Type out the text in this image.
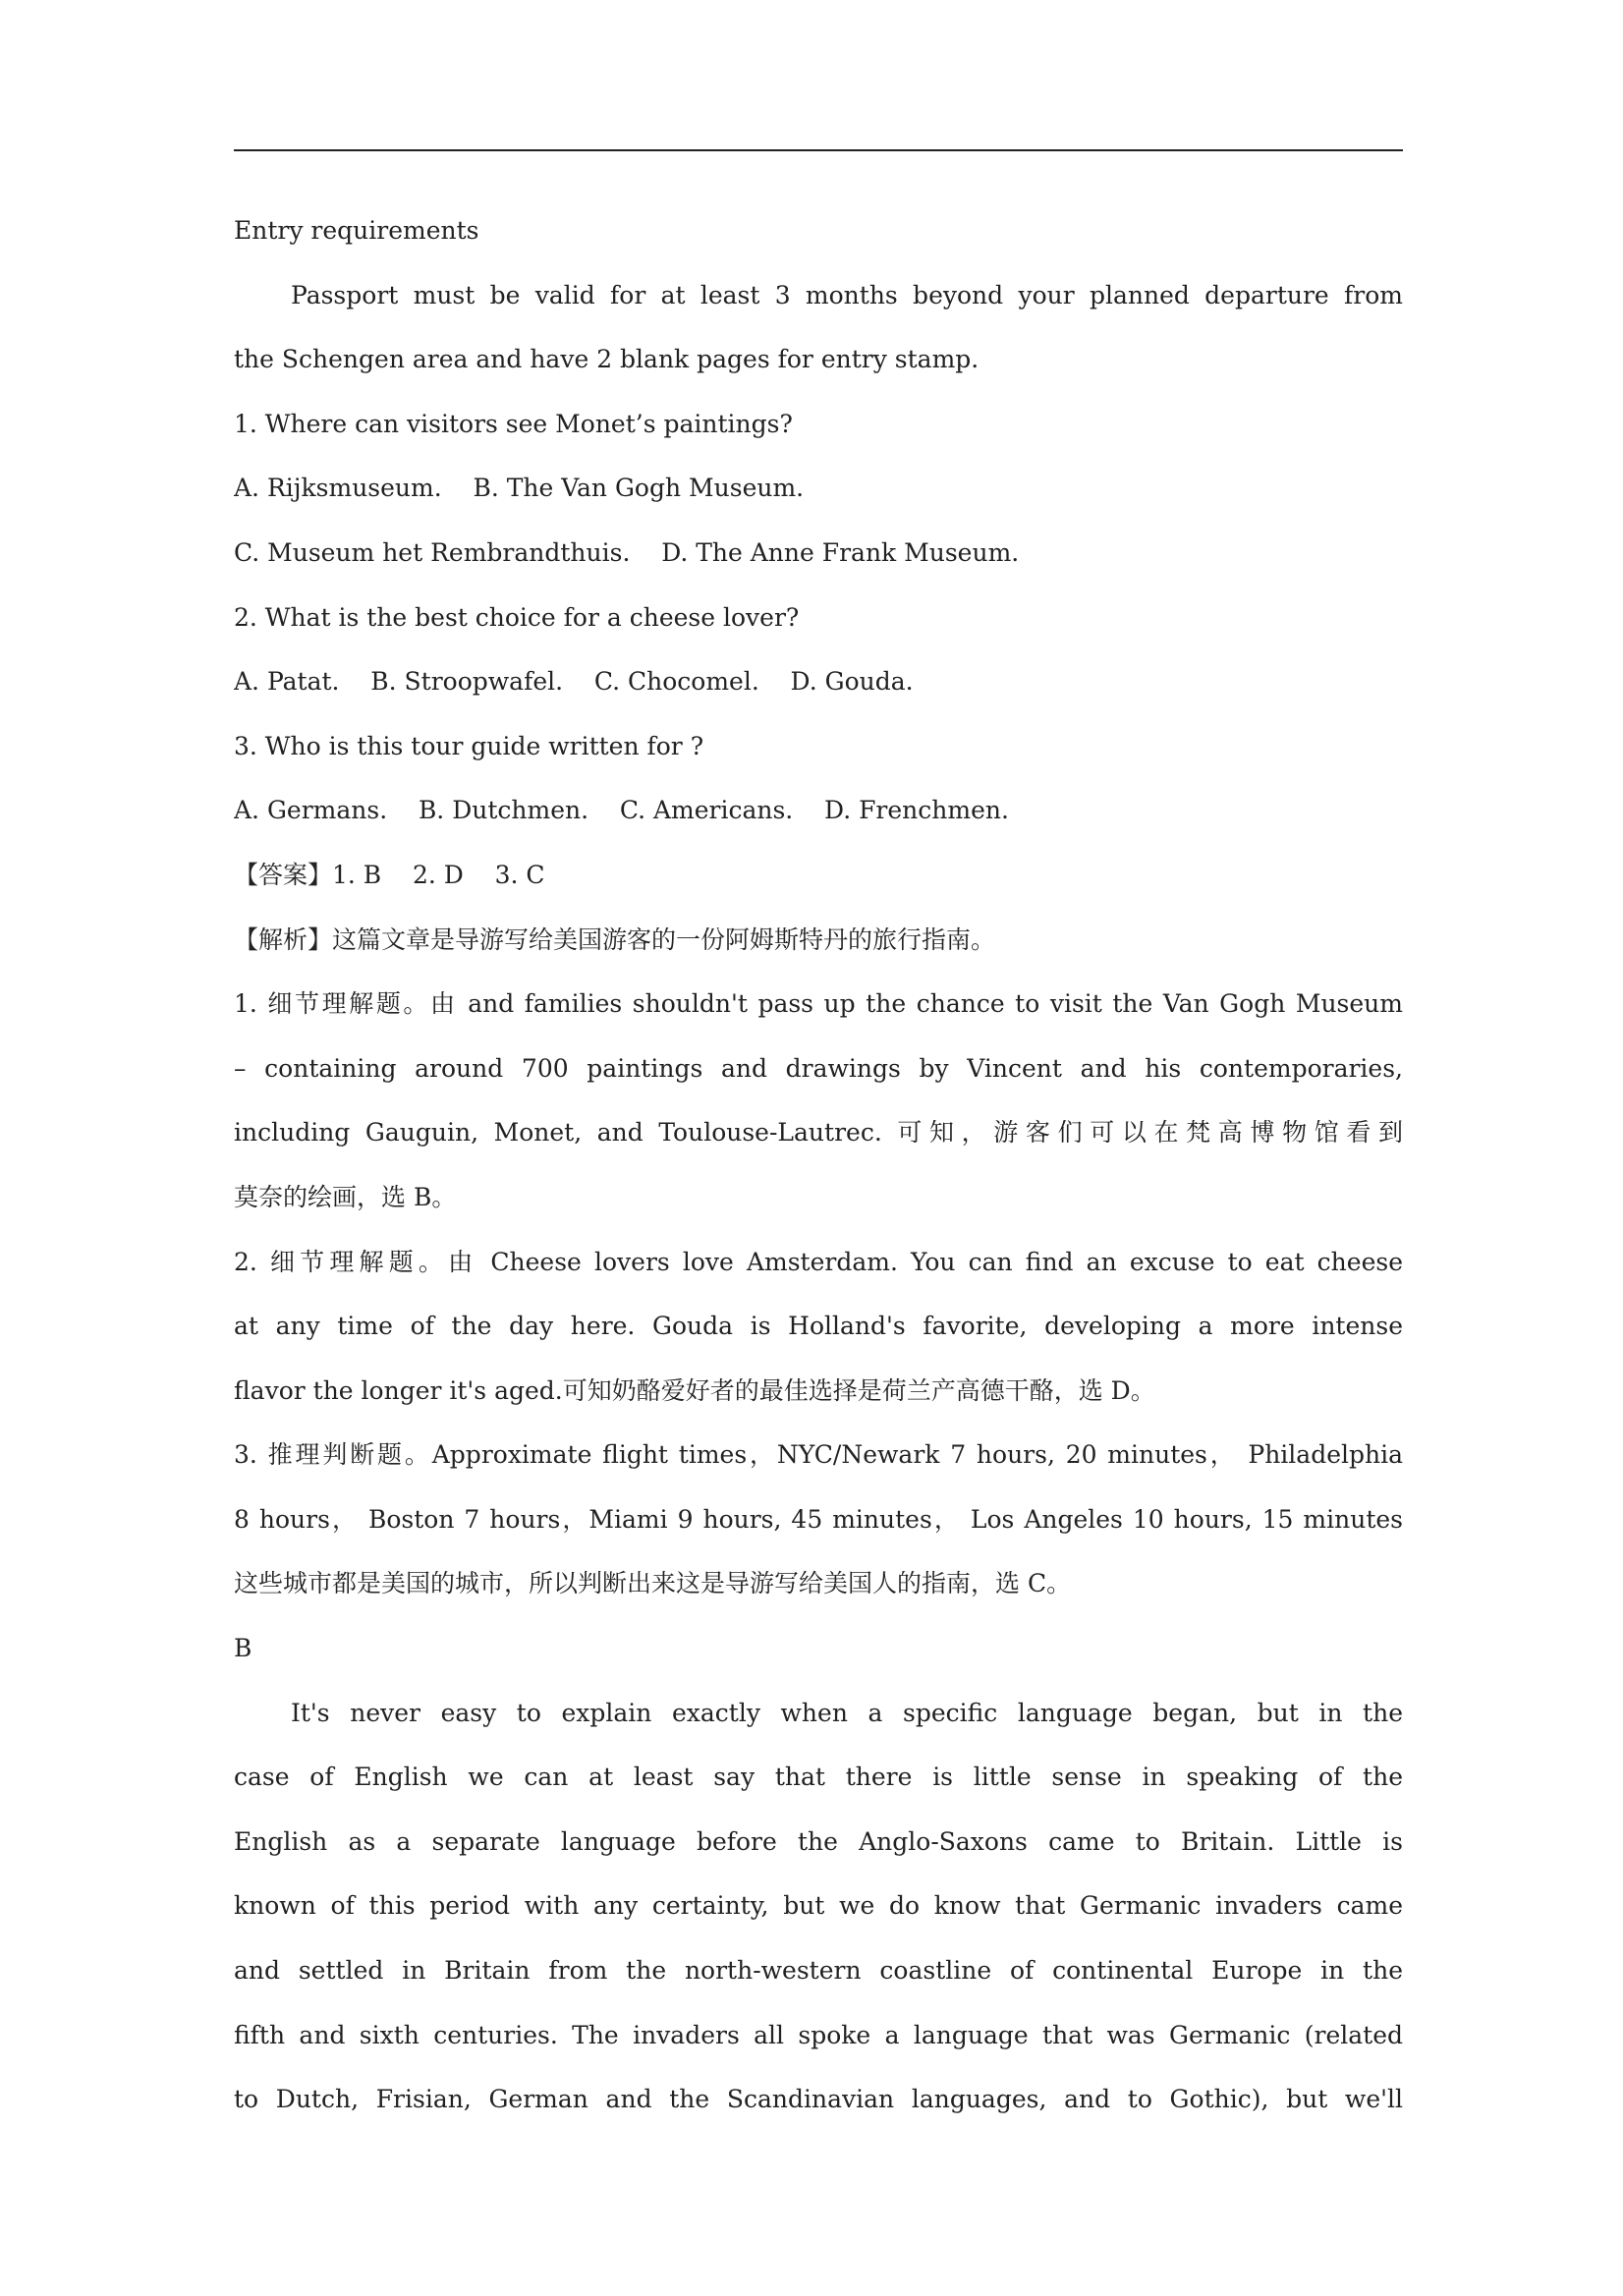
Entry requirements
Passport must be valid for at least 3 months beyond your planned departure from
the Schengen area and have 2 blank pages for entry stamp.
1. Where can visitors see Monet’s paintings?
A. Rijksmuseum.    B. The Van Gogh Museum.
C. Museum het Rembrandthuis.    D. The Anne Frank Museum.
2. What is the best choice for a cheese lover?
A. Patat.    B. Stroopwafel.    C. Chocomel.    D. Gouda.
3. Who is this tour guide written for ?
A. Germans.    B. Dutchmen.    C. Americans.    D. Frenchmen.
【答案】1. B    2. D    3. C
【解析】这篇文章是导游写给美国游客的一份阿姆斯特丹的旅行指南。
1. 细节理解题。由 and families shouldn't pass up the chance to visit the Van Gogh Museum
– containing around 700 paintings and drawings by Vincent and his contemporaries,
including Gauguin, Monet, and Toulouse-Lautrec. 可知，游客们可以在梵高博物馆看到
莫奈的绘画，选 B。
2. 细节理解题。由 Cheese lovers love Amsterdam. You can find an excuse to eat cheese
at any time of the day here. Gouda is Holland's favorite, developing a more intense
flavor the longer it's aged.可知奶酪爱好者的最佳选择是荷兰产高德干酪，选 D。
3. 推理判断题。Approximate flight times，NYC/Newark 7 hours, 20 minutes， Philadelphia
8 hours， Boston 7 hours，Miami 9 hours, 45 minutes， Los Angeles 10 hours, 15 minutes
这些城市都是美国的城市，所以判断出来这是导游写给美国人的指南，选 C。
B
It's never easy to explain exactly when a specific language began, but in the
case of English we can at least say that there is little sense in speaking of the
English as a separate language before the Anglo-Saxons came to Britain. Little is
known of this period with any certainty, but we do know that Germanic invaders came
and settled in Britain from the north-western coastline of continental Europe in the
fifth and sixth centuries. The invaders all spoke a language that was Germanic (related
to Dutch, Frisian, German and the Scandinavian languages, and to Gothic), but we'll
